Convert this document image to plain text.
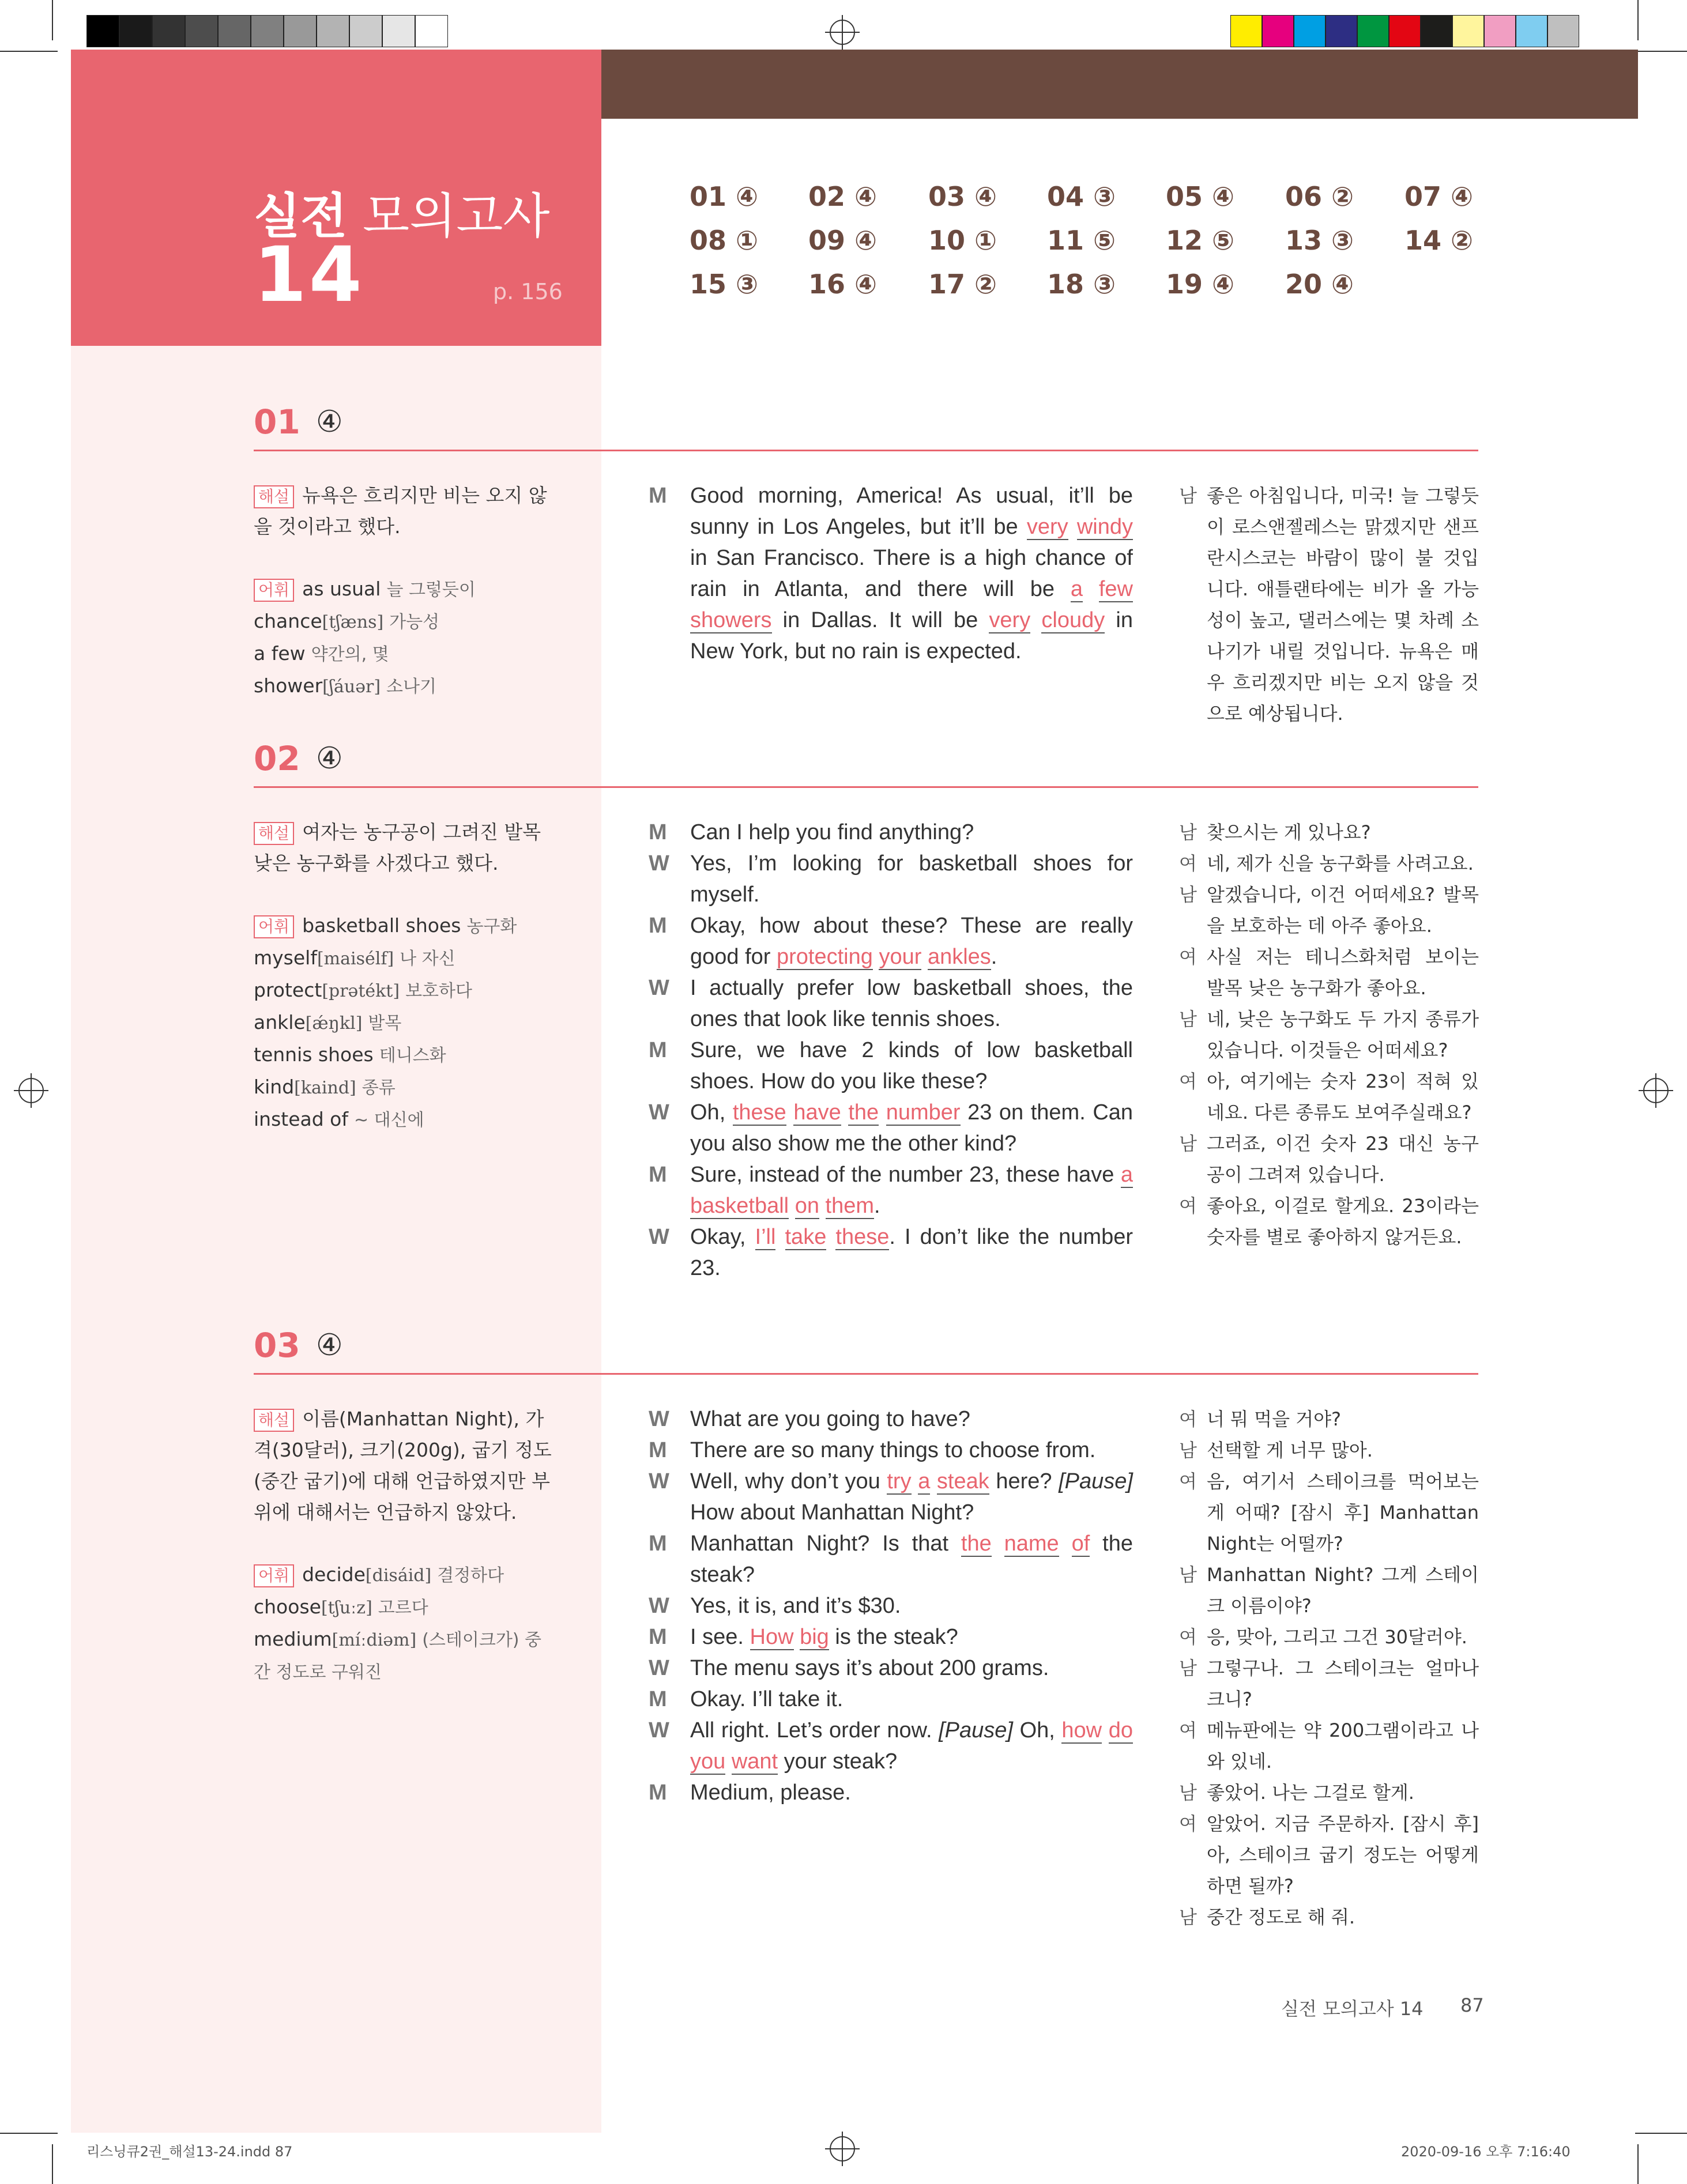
실전 모의고사
14	p. 156
01 ④ 02 ④ 03 ④ 04 ③ 05 ④ 06 ② 07 ④
08 ① 09 ④ 10 ① 11 ⑤ 12 ⑤ 13 ③ 14 ②
15 ③ 16 ④ 17 ② 18 ③ 19 ④ 20 ④
01 ④
해설 뉴욕은 흐리지만 비는 오지 않을 것이라고 했다.
어휘 as usual 늘 그렇듯이
chance[tʃæns] 가능성
a few 약간의, 몇
shower[ʃáuər] 소나기
M Good morning, America! As usual, it’ll be sunny in Los Angeles, but it’ll be very windy in San Francisco. There is a high chance of rain in Atlanta, and there will be a few showers in Dallas. It will be very cloudy in New York, but no rain is expected.
남 좋은 아침입니다, 미국! 늘 그렇듯이 로스앤젤레스는 맑겠지만 샌프란시스코는 바람이 많이 불 것입니다. 애틀랜타에는 비가 올 가능성이 높고, 댈러스에는 몇 차례 소나기가 내릴 것입니다. 뉴욕은 매우 흐리겠지만 비는 오지 않을 것으로 예상됩니다.
02 ④
해설 여자는 농구공이 그려진 발목 낮은 농구화를 사겠다고 했다.
어휘 basketball shoes 농구화
myself[maisélf] 나 자신
protect[prətékt] 보호하다
ankle[ǽŋkl] 발목
tennis shoes 테니스화
kind[kaind] 종류
instead of ~ 대신에
M Can I help you find anything?
W Yes, I’m looking for basketball shoes for myself.
M Okay, how about these? These are really good for protecting your ankles.
W I actually prefer low basketball shoes, the ones that look like tennis shoes.
M Sure, we have 2 kinds of low basketball shoes. How do you like these?
W Oh, these have the number 23 on them. Can you also show me the other kind?
M Sure, instead of the number 23, these have a basketball on them.
W Okay, I’ll take these. I don’t like the number 23.
남 찾으시는 게 있나요?
여 네, 제가 신을 농구화를 사려고요.
남 알겠습니다, 이건 어떠세요? 발목을 보호하는 데 아주 좋아요.
여 사실 저는 테니스화처럼 보이는 발목 낮은 농구화가 좋아요.
남 네, 낮은 농구화도 두 가지 종류가 있습니다. 이것들은 어떠세요?
여 아, 여기에는 숫자 23이 적혀 있네요. 다른 종류도 보여주실래요?
남 그러죠, 이건 숫자 23 대신 농구공이 그려져 있습니다.
여 좋아요, 이걸로 할게요. 23이라는 숫자를 별로 좋아하지 않거든요.
03 ④
해설 이름(Manhattan Night), 가격(30달러), 크기(200g), 굽기 정도(중간 굽기)에 대해 언급하였지만 부위에 대해서는 언급하지 않았다.
어휘 decide[disáid] 결정하다
choose[tʃuːz] 고르다
medium[míːdiəm] (스테이크가) 중간 정도로 구워진
W What are you going to have?
M There are so many things to choose from.
W Well, why don’t you try a steak here? [Pause] How about Manhattan Night?
M Manhattan Night? Is that the name of the steak?
W Yes, it is, and it’s $30.
M I see. How big is the steak?
W The menu says it’s about 200 grams.
M Okay. I’ll take it.
W All right. Let’s order now. [Pause] Oh, how do you want your steak?
M Medium, please.
여 너 뭐 먹을 거야?
남 선택할 게 너무 많아.
여 음, 여기서 스테이크를 먹어보는 게 어때? [잠시 후] Manhattan Night는 어떨까?
남 Manhattan Night? 그게 스테이크 이름이야?
여 응, 맞아, 그리고 그건 30달러야.
남 그렇구나. 그 스테이크는 얼마나 크니?
여 메뉴판에는 약 200그램이라고 나와 있네.
남 좋았어. 나는 그걸로 할게.
여 알았어. 지금 주문하자. [잠시 후] 아, 스테이크 굽기 정도는 어떻게 하면 될까?
남 중간 정도로 해 줘.
실전 모의고사 14 87
리스닝큐2권_해설13-24.indd 87	2020-09-16 오후 7:16:40
